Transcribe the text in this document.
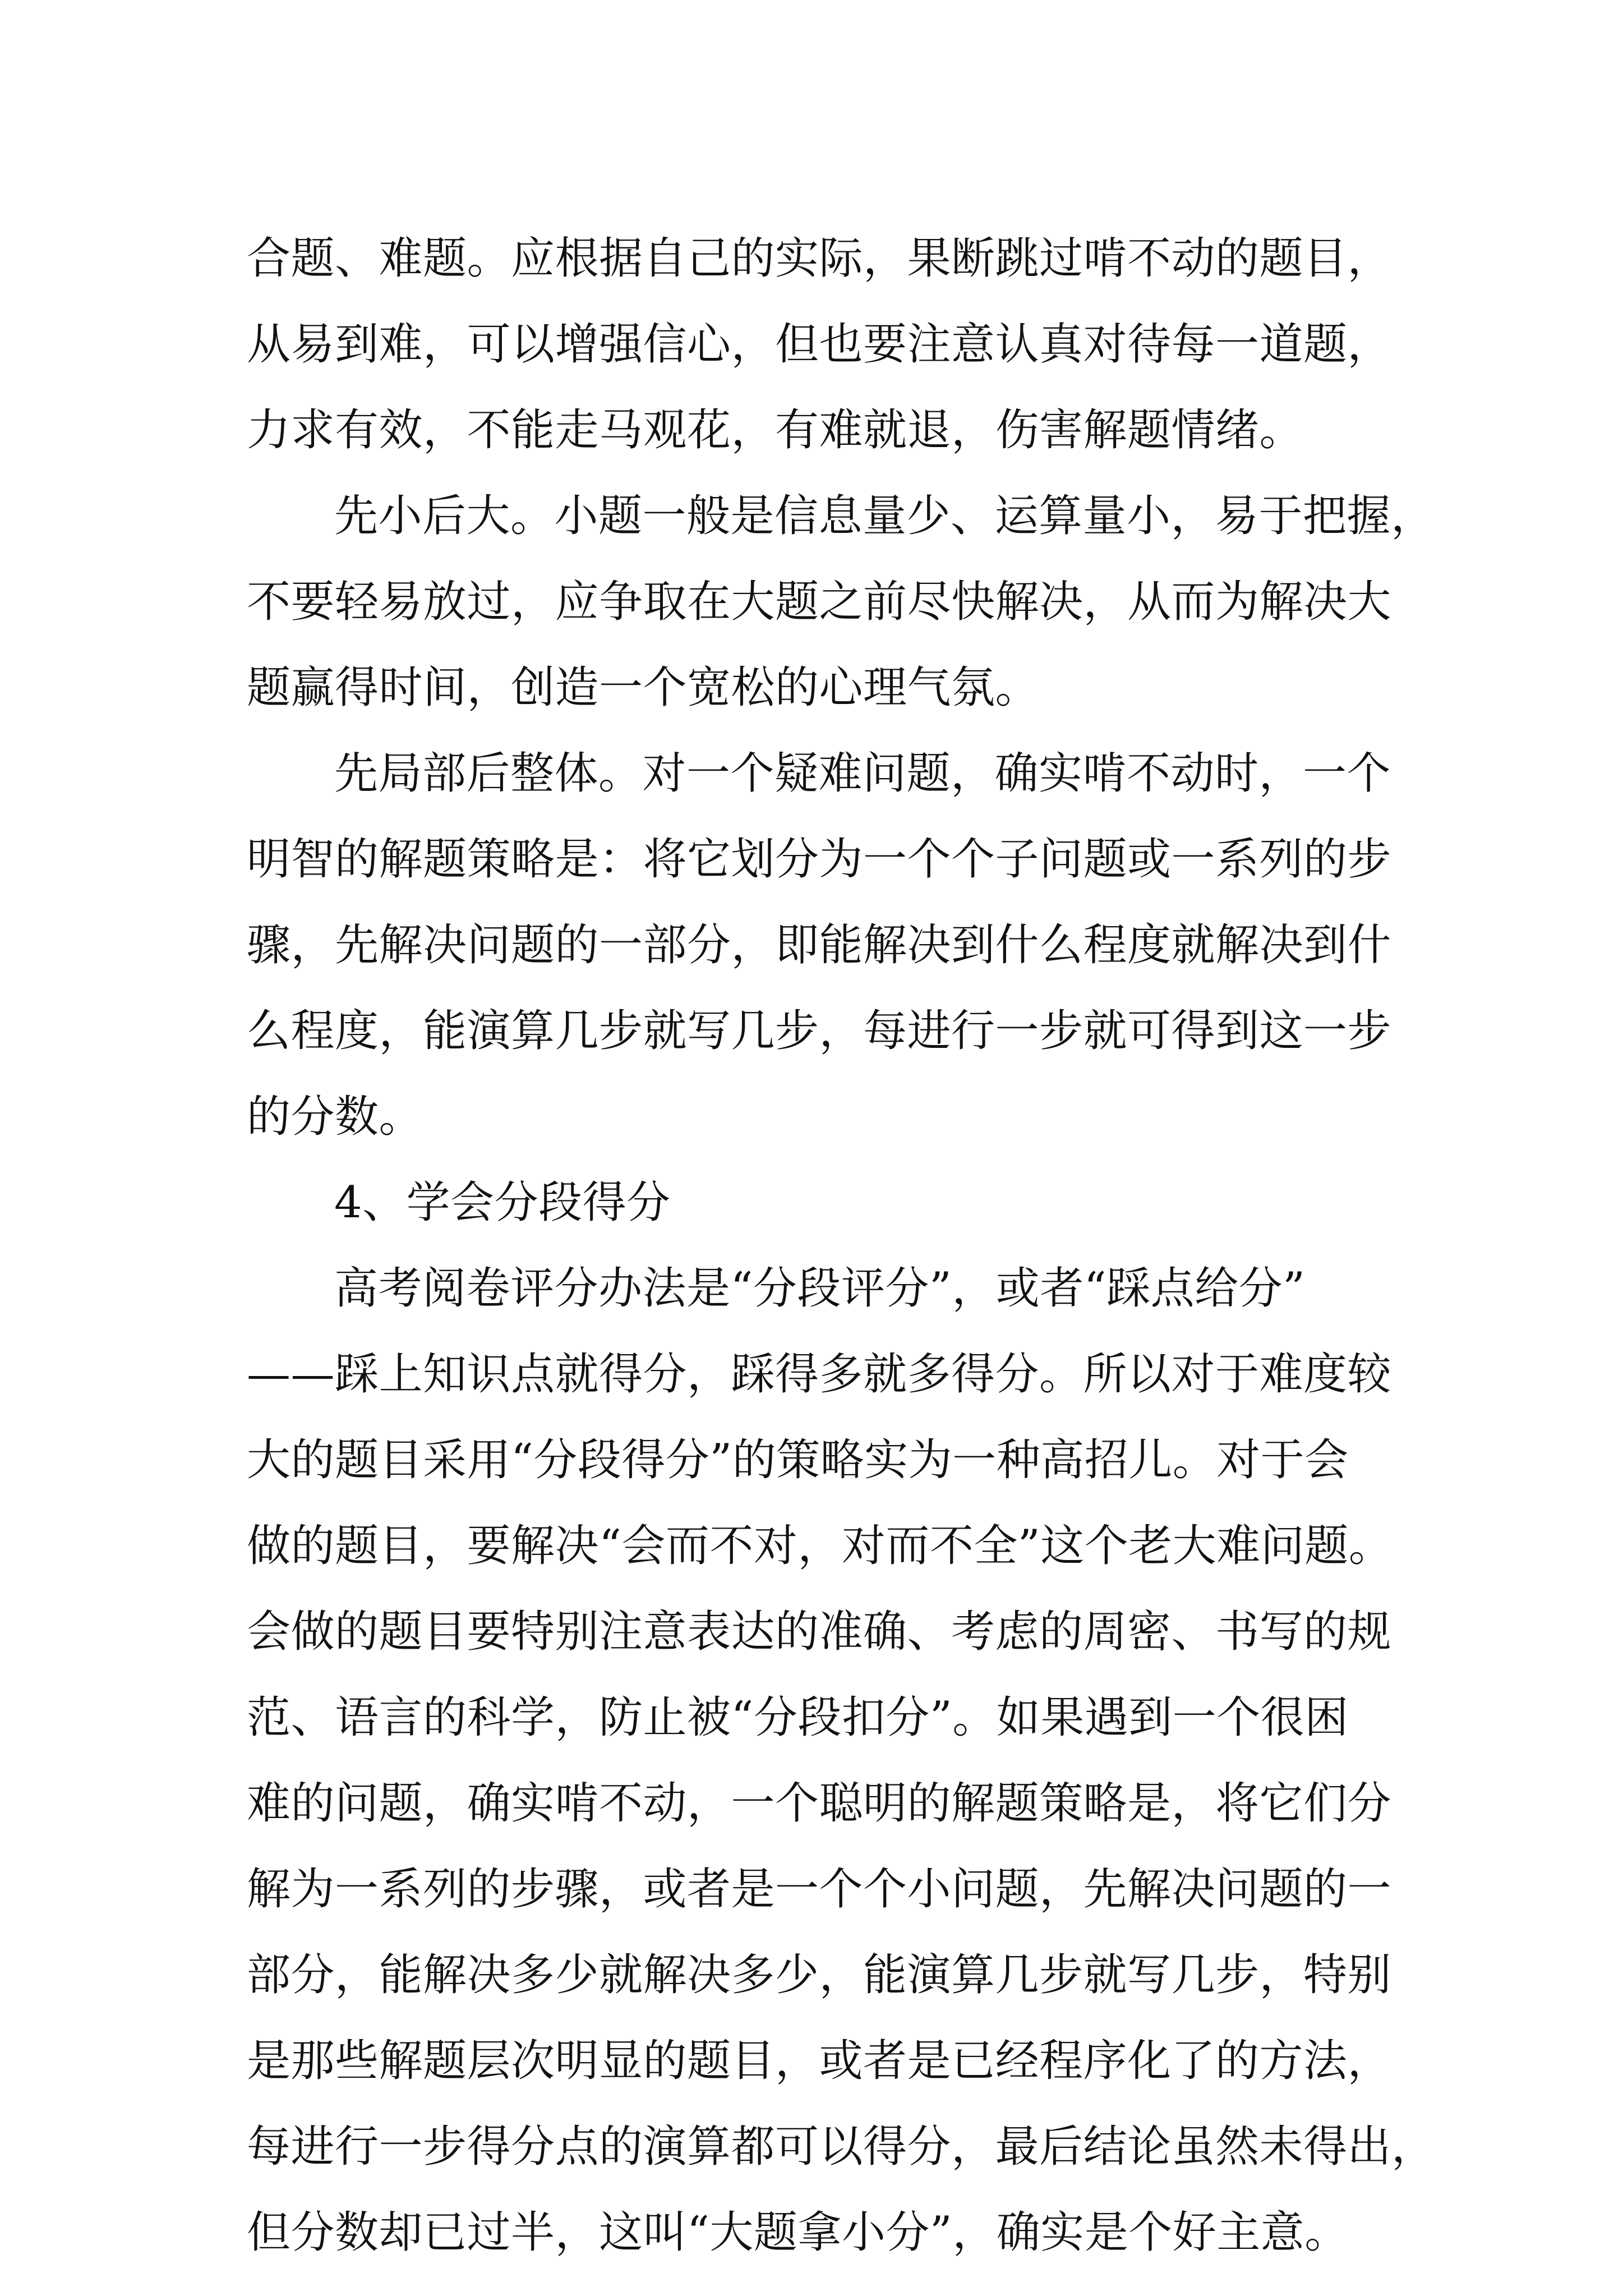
合题、难题。应根据自己的实际，果断跳过啃不动的题目，
从易到难，可以增强信心，但也要注意认真对待每一道题，
力求有效，不能走马观花，有难就退，伤害解题情绪。
先小后大。小题一般是信息量少、运算量小，易于把握，
不要轻易放过，应争取在大题之前尽快解决，从而为解决大
题赢得时间，创造一个宽松的心理气氛。
先局部后整体。对一个疑难问题，确实啃不动时，一个
明智的解题策略是：将它划分为一个个子问题或一系列的步
骤，先解决问题的一部分，即能解决到什么程度就解决到什
么程度，能演算几步就写几步，每进行一步就可得到这一步
的分数。
4、学会分段得分
高考阅卷评分办法是“分段评分”，或者“踩点给分”
——踩上知识点就得分，踩得多就多得分。所以对于难度较
大的题目采用“分段得分”的策略实为一种高招儿。对于会
做的题目，要解决“会而不对，对而不全”这个老大难问题。
会做的题目要特别注意表达的准确、考虑的周密、书写的规
范、语言的科学，防止被“分段扣分”。如果遇到一个很困
难的问题，确实啃不动，一个聪明的解题策略是，将它们分
解为一系列的步骤，或者是一个个小问题，先解决问题的一
部分，能解决多少就解决多少，能演算几步就写几步，特别
是那些解题层次明显的题目，或者是已经程序化了的方法，
每进行一步得分点的演算都可以得分，最后结论虽然未得出，
但分数却已过半，这叫“大题拿小分”，确实是个好主意。
